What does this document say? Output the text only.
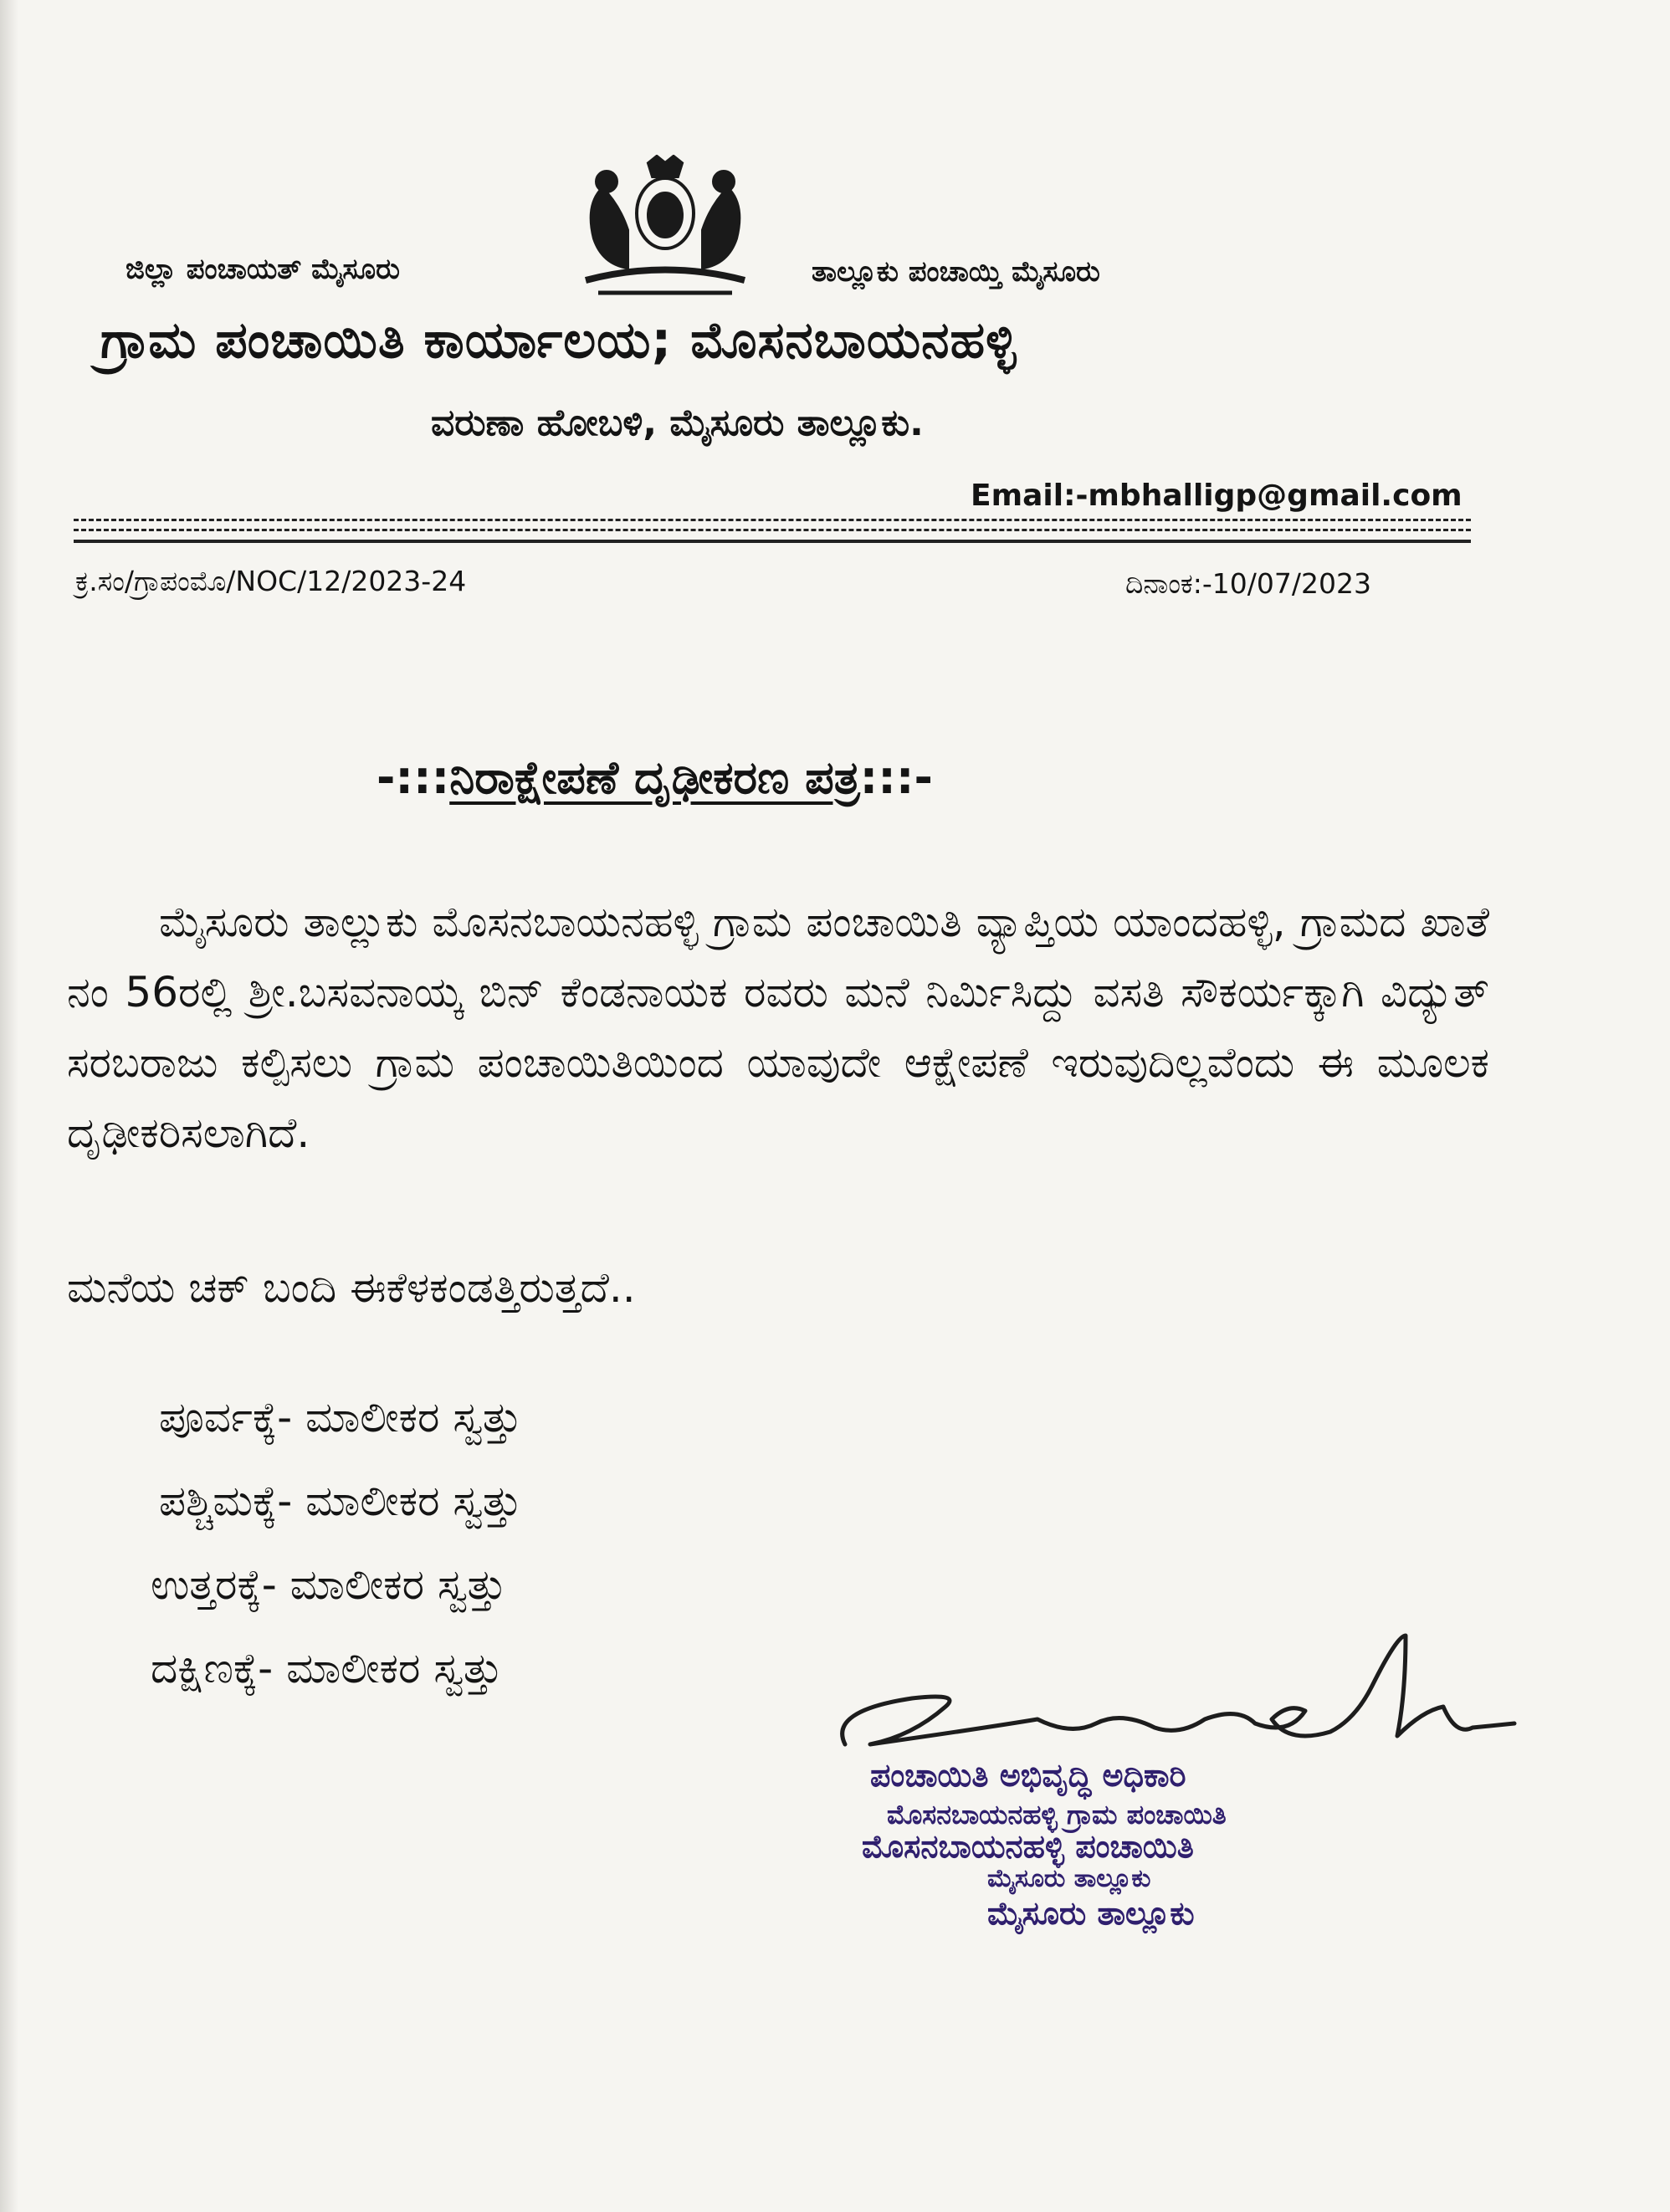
ಜಿಲ್ಲಾ ಪಂಚಾಯತ್ ಮೈಸೂರು	ತಾಲ್ಲೂಕು ಪಂಚಾಯ್ತಿ ಮೈಸೂರು
ಗ್ರಾಮ ಪಂಚಾಯಿತಿ ಕಾರ್ಯಾಲಯ; ಮೊಸನಬಾಯನಹಳ್ಳಿ
ವರುಣಾ ಹೋಬಳಿ, ಮೈಸೂರು ತಾಲ್ಲೂಕು.
Email:-mbhalligp@gmail.com
ಕ್ರ.ಸಂ/ಗ್ರಾಪಂಮೊ/NOC/12/2023-24	ದಿನಾಂಕ:-10/07/2023
-:::ನಿರಾಕ್ಷೇಪಣೆ ದೃಢೀಕರಣ ಪತ್ರ:::-
ಮೈಸೂರು ತಾಲ್ಲುಕು ಮೊಸನಬಾಯನಹಳ್ಳಿ ಗ್ರಾಮ ಪಂಚಾಯಿತಿ ವ್ಯಾಪ್ತಿಯ ಯಾಂದಹಳ್ಳಿ, ಗ್ರಾಮದ ಖಾತೆ ನಂ 56ರಲ್ಲಿ ಶ್ರೀ.ಬಸವನಾಯ್ಕ ಬಿನ್ ಕೆಂಡನಾಯಕ ರವರು ಮನೆ ನಿರ್ಮಿಸಿದ್ದು ವಸತಿ ಸೌಕರ್ಯಕ್ಕಾಗಿ ವಿದ್ಯುತ್ ಸರಬರಾಜು ಕಲ್ಪಿಸಲು ಗ್ರಾಮ ಪಂಚಾಯಿತಿಯಿಂದ ಯಾವುದೇ ಆಕ್ಷೇಪಣೆ ಇರುವುದಿಲ್ಲವೆಂದು ಈ ಮೂಲಕ ದೃಢೀಕರಿಸಲಾಗಿದೆ.
ಮನೆಯ ಚಕ್ ಬಂದಿ ಈಕೆಳಕಂಡತ್ತಿರುತ್ತದೆ..
ಪೂರ್ವಕ್ಕೆ- ಮಾಲೀಕರ ಸ್ವತ್ತು
ಪಶ್ಚಿಮಕ್ಕೆ- ಮಾಲೀಕರ ಸ್ವತ್ತು
ಉತ್ತರಕ್ಕೆ- ಮಾಲೀಕರ ಸ್ವತ್ತು
ದಕ್ಷಿಣಕ್ಕೆ- ಮಾಲೀಕರ ಸ್ವತ್ತು
ಪಂಚಾಯಿತಿ ಅಭಿವೃದ್ಧಿ ಅಧಿಕಾರಿ
ಮೊಸನಬಾಯನಹಳ್ಳಿ ಗ್ರಾಮ ಪಂಚಾಯಿತಿ
ಮೊಸನಬಾಯನಹಳ್ಳಿ ಪಂಚಾಯಿತಿ
ಮೈಸೂರು ತಾಲ್ಲೂಕು
ಮೈಸೂರು ತಾಲ್ಲೂಕು
